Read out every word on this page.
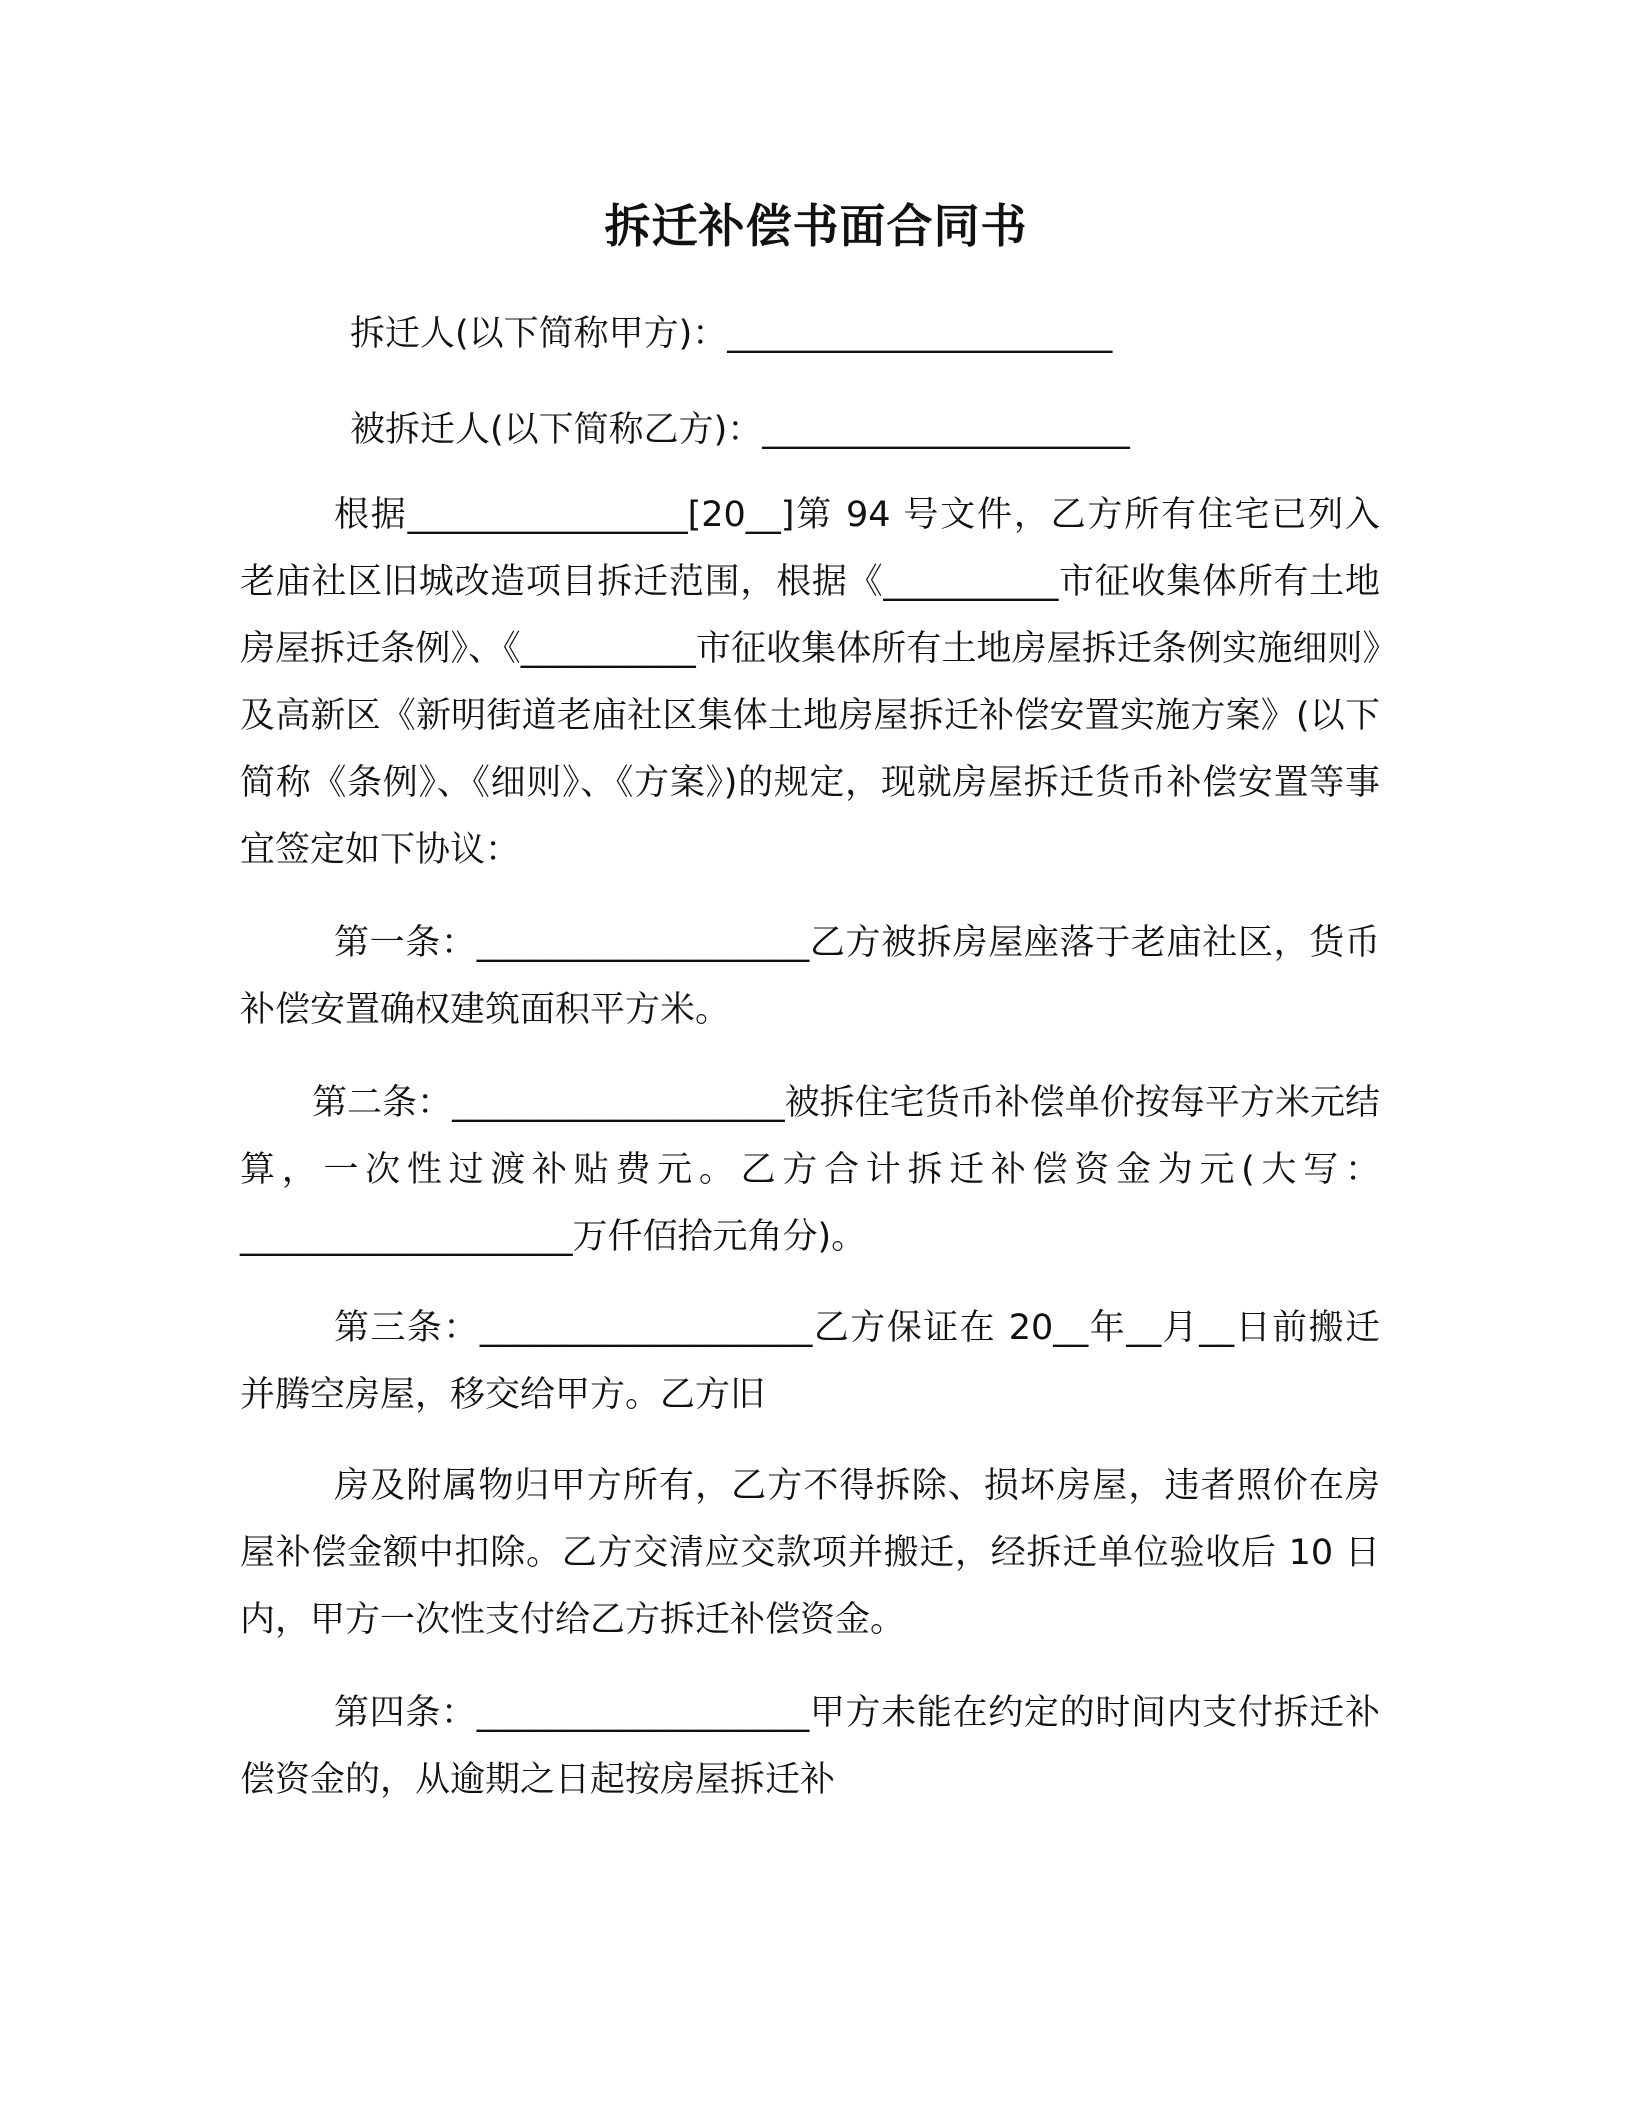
拆迁补偿书面合同书
拆迁人(以下简称甲方)：______________________
被拆迁人(以下简称乙方)：_____________________
根据________________[20__]第 94 号文件，乙方所有住宅已列入老庙社区旧城改造项目拆迁范围，根据《__________市征收集体所有土地房屋拆迁条例》、《__________市征收集体所有土地房屋拆迁条例实施细则》及高新区《新明街道老庙社区集体土地房屋拆迁补偿安置实施方案》(以下简称《条例》、《细则》、《方案》)的规定，现就房屋拆迁货币补偿安置等事宜签定如下协议：
第一条：___________________乙方被拆房屋座落于老庙社区，货币补偿安置确权建筑面积平方米。
第二条：___________________被拆住宅货币补偿单价按每平方米元结算，一次性过渡补贴费元。乙方合计拆迁补偿资金为元(大写：___________________万仟佰拾元角分)。
第三条：___________________乙方保证在 20__年__月__日前搬迁并腾空房屋，移交给甲方。乙方旧
房及附属物归甲方所有，乙方不得拆除、损坏房屋，违者照价在房屋补偿金额中扣除。乙方交清应交款项并搬迁，经拆迁单位验收后 10 日内，甲方一次性支付给乙方拆迁补偿资金。
第四条：___________________甲方未能在约定的时间内支付拆迁补偿资金的，从逾期之日起按房屋拆迁补
